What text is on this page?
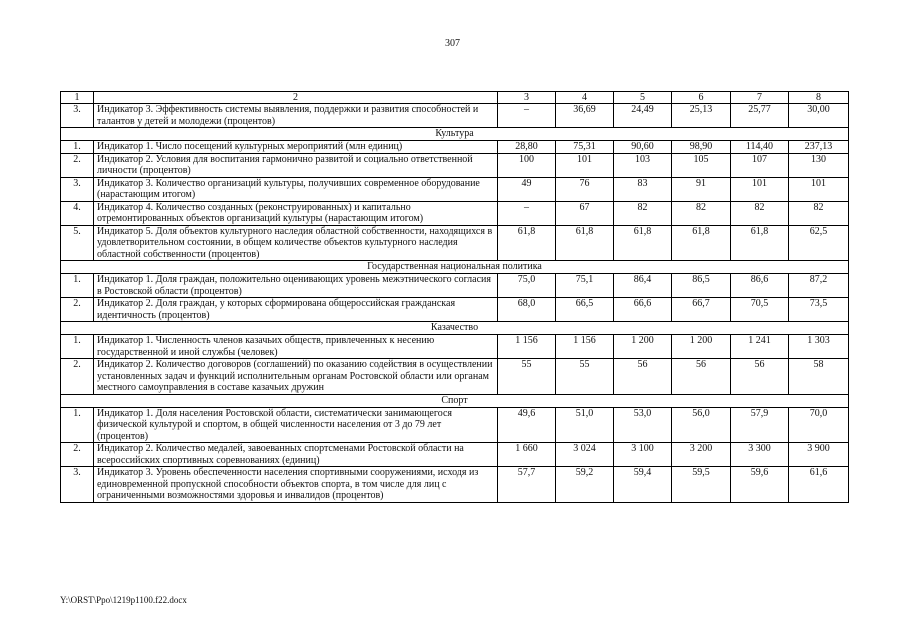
307
1	2	3	4	5	6	7	8
3.	Индикатор 3. Эффективность системы выявления, поддержки и развития способностей и талантов у детей и молодежи (процентов)	–	36,69	24,49	25,13	25,77	30,00
Культура							
1.	Индикатор 1. Число посещений культурных мероприятий (млн единиц)	28,80	75,31	90,60	98,90	114,40	237,13
2.	Индикатор 2. Условия для воспитания гармонично развитой и социально ответственной личности (процентов)	100	101	103	105	107	130
3.	Индикатор 3. Количество организаций культуры, получивших современное оборудование (нарастающим итогом)	49	76	83	91	101	101
4.	Индикатор 4. Количество созданных (реконструированных) и капитально отремонтированных объектов организаций культуры (нарастающим итогом)	–	67	82	82	82	82
5.	Индикатор 5. Доля объектов культурного наследия областной собственности, находящихся в удовлетворительном состоянии, в общем количестве объектов культурного наследия областной собственности (процентов)	61,8	61,8	61,8	61,8	61,8	62,5
Государственная национальная политика							
1.	Индикатор 1. Доля граждан, положительно оценивающих уровень межэтнического согласия в Ростовской области (процентов)	75,0	75,1	86,4	86,5	86,6	87,2
2.	Индикатор 2. Доля граждан, у которых сформирована общероссийская гражданская идентичность (процентов)	68,0	66,5	66,6	66,7	70,5	73,5
Казачество							
1.	Индикатор 1. Численность членов казачьих обществ, привлеченных к несению государственной и иной службы (человек)	1 156	1 156	1 200	1 200	1 241	1 303
2.	Индикатор 2. Количество договоров (соглашений) по оказанию содействия в осуществлении установленных задач и функций исполнительным органам Ростовской области или органам местного самоуправления в составе казачьих дружин	55	55	56	56	56	58
Спорт							
1.	Индикатор 1. Доля населения Ростовской области, систематически занимающегося физической культурой и спортом, в общей численности населения от 3 до 79 лет (процентов)	49,6	51,0	53,0	56,0	57,9	70,0
2.	Индикатор 2. Количество медалей, завоеванных спортсменами Ростовской области на всероссийских спортивных соревнованиях (единиц)	1 660	3 024	3 100	3 200	3 300	3 900
3.	Индикатор 3. Уровень обеспеченности населения спортивными сооружениями, исходя из единовременной пропускной способности объектов спорта, в том числе для лиц с ограниченными возможностями здоровья и инвалидов (процентов)	57,7	59,2	59,4	59,5	59,6	61,6
Y:\ORST\Ppo\1219p1100.f22.docx
